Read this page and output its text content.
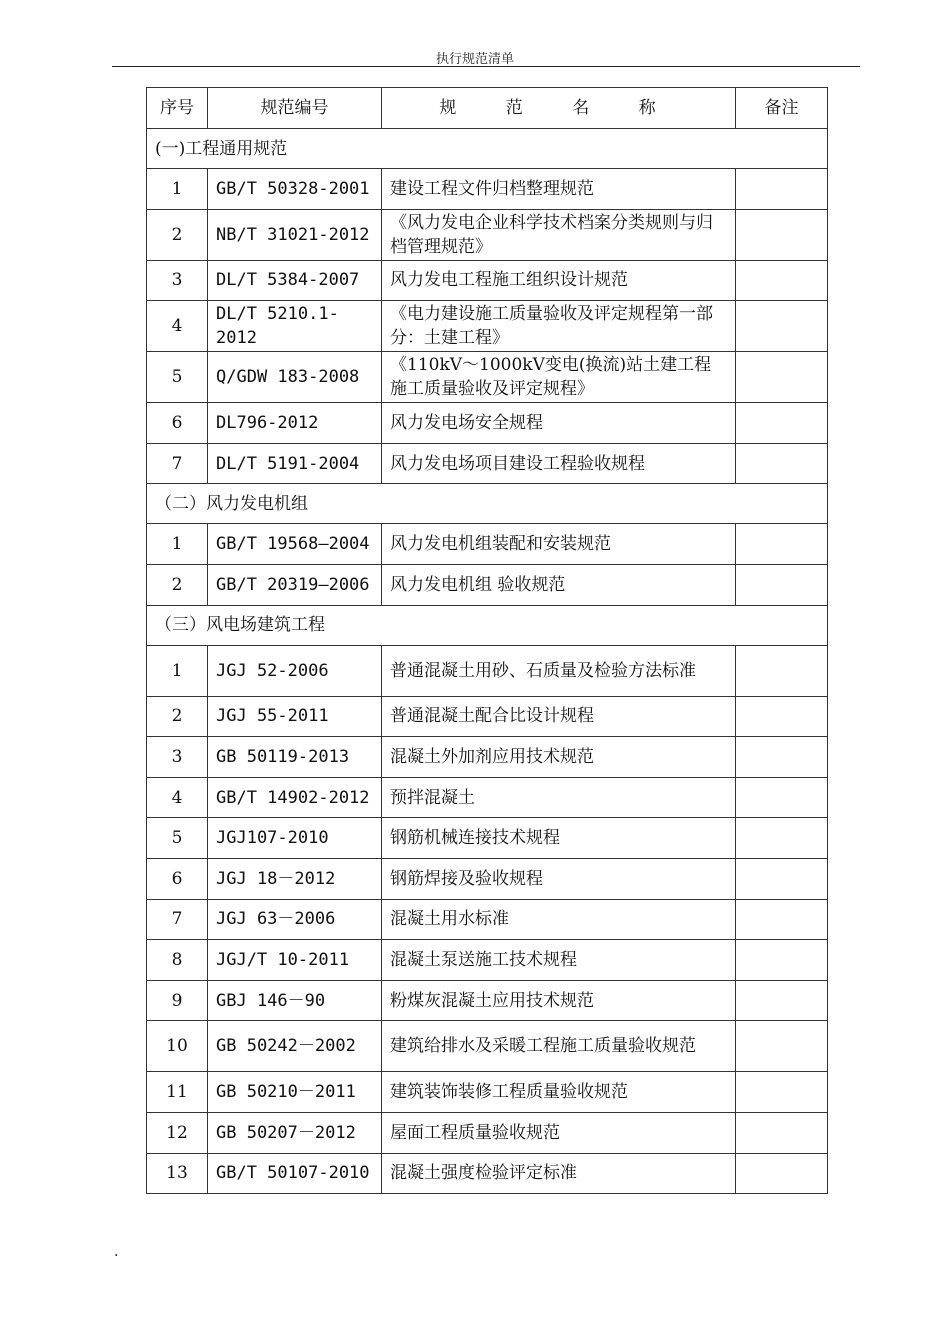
执行规范清单
序号	规范编号	规 范 名 称	备注
(一)工程通用规范			
1	GB/T 50328-2001	建设工程文件归档整理规范	
2	NB/T 31021-2012	《风力发电企业科学技术档案分类规则与归档管理规范》	
3	DL/T 5384-2007	风力发电工程施工组织设计规范	
4	DL/T 5210.1-2012	《电力建设施工质量验收及评定规程第一部分：土建工程》	
5	Q/GDW 183-2008	《110kV～1000kV变电(换流)站土建工程施工质量验收及评定规程》	
6	DL796-2012	风力发电场安全规程	
7	DL/T 5191-2004	风力发电场项目建设工程验收规程	
（二）风力发电机组			
1	GB/T 19568—2004	风力发电机组装配和安装规范	
2	GB/T 20319—2006	风力发电机组 验收规范	
（三）风电场建筑工程			
1	JGJ 52-2006	普通混凝土用砂、石质量及检验方法标准	
2	JGJ 55-2011	普通混凝土配合比设计规程	
3	GB 50119-2013	混凝土外加剂应用技术规范	
4	GB/T 14902-2012	预拌混凝土	
5	JGJ107-2010	钢筋机械连接技术规程	
6	JGJ 18－2012	钢筋焊接及验收规程	
7	JGJ 63－2006	混凝土用水标准	
8	JGJ/T 10-2011	混凝土泵送施工技术规程	
9	GBJ 146－90	粉煤灰混凝土应用技术规范	
10	GB 50242－2002	建筑给排水及采暖工程施工质量验收规范	
11	GB 50210－2011	建筑装饰装修工程质量验收规范	
12	GB 50207－2012	屋面工程质量验收规范	
13	GB/T 50107-2010	混凝土强度检验评定标准	
.
